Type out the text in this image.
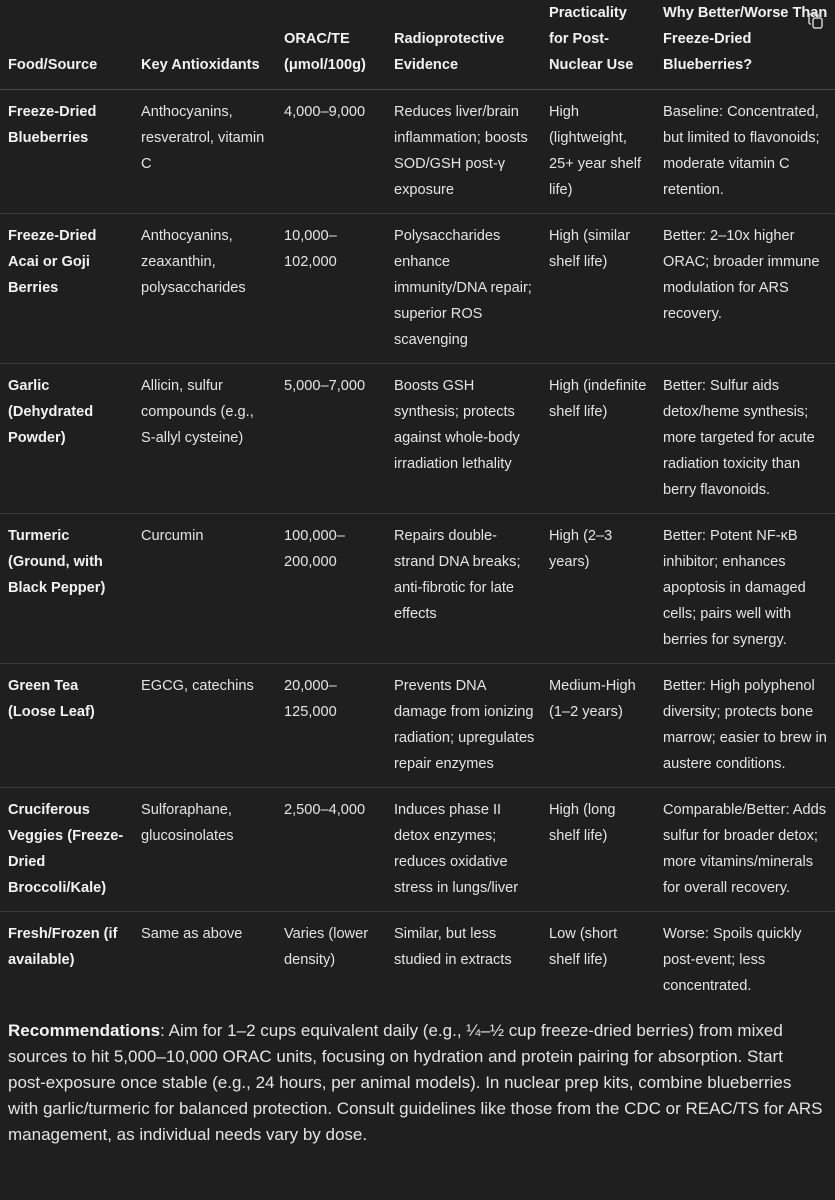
Food/Source	Key Antioxidants	ORAC/TE (μmol/100g)	Radioprotective Evidence	Practicality for Post-Nuclear Use	Why Better/Worse Than Freeze-Dried Blueberries?
Freeze-Dried Blueberries	Anthocyanins, resveratrol, vitamin C	4,000–9,000	Reduces liver/brain inflammation; boosts SOD/GSH post-γ exposure	High (lightweight, 25+ year shelf life)	Baseline: Concentrated, but limited to flavonoids; moderate vitamin C retention.
Freeze-Dried Acai or Goji Berries	Anthocyanins, zeaxanthin, polysaccharides	10,000–102,000	Polysaccharides enhance immunity/DNA repair; superior ROS scavenging	High (similar shelf life)	Better: 2–10x higher ORAC; broader immune modulation for ARS recovery.
Garlic (Dehydrated Powder)	Allicin, sulfur compounds (e.g., S-allyl cysteine)	5,000–7,000	Boosts GSH synthesis; protects against whole-body irradiation lethality	High (indefinite shelf life)	Better: Sulfur aids detox/heme synthesis; more targeted for acute radiation toxicity than berry flavonoids.
Turmeric (Ground, with Black Pepper)	Curcumin	100,000–200,000	Repairs double-strand DNA breaks; anti-fibrotic for late effects	High (2–3 years)	Better: Potent NF-κB inhibitor; enhances apoptosis in damaged cells; pairs well with berries for synergy.
Green Tea (Loose Leaf)	EGCG, catechins	20,000–125,000	Prevents DNA damage from ionizing radiation; upregulates repair enzymes	Medium-High (1–2 years)	Better: High polyphenol diversity; protects bone marrow; easier to brew in austere conditions.
Cruciferous Veggies (Freeze-Dried Broccoli/Kale)	Sulforaphane, glucosinolates	2,500–4,000	Induces phase II detox enzymes; reduces oxidative stress in lungs/liver	High (long shelf life)	Comparable/Better: Adds sulfur for broader detox; more vitamins/minerals for overall recovery.
Fresh/Frozen (if available)	Same as above	Varies (lower density)	Similar, but less studied in extracts	Low (short shelf life)	Worse: Spoils quickly post-event; less concentrated.

Recommendations: Aim for 1–2 cups equivalent daily (e.g., ¼–½ cup freeze-dried berries) from mixed sources to hit 5,000–10,000 ORAC units, focusing on hydration and protein pairing for absorption. Start post-exposure once stable (e.g., 24 hours, per animal models). In nuclear prep kits, combine blueberries with garlic/turmeric for balanced protection. Consult guidelines like those from the CDC or REAC/TS for ARS management, as individual needs vary by dose.
